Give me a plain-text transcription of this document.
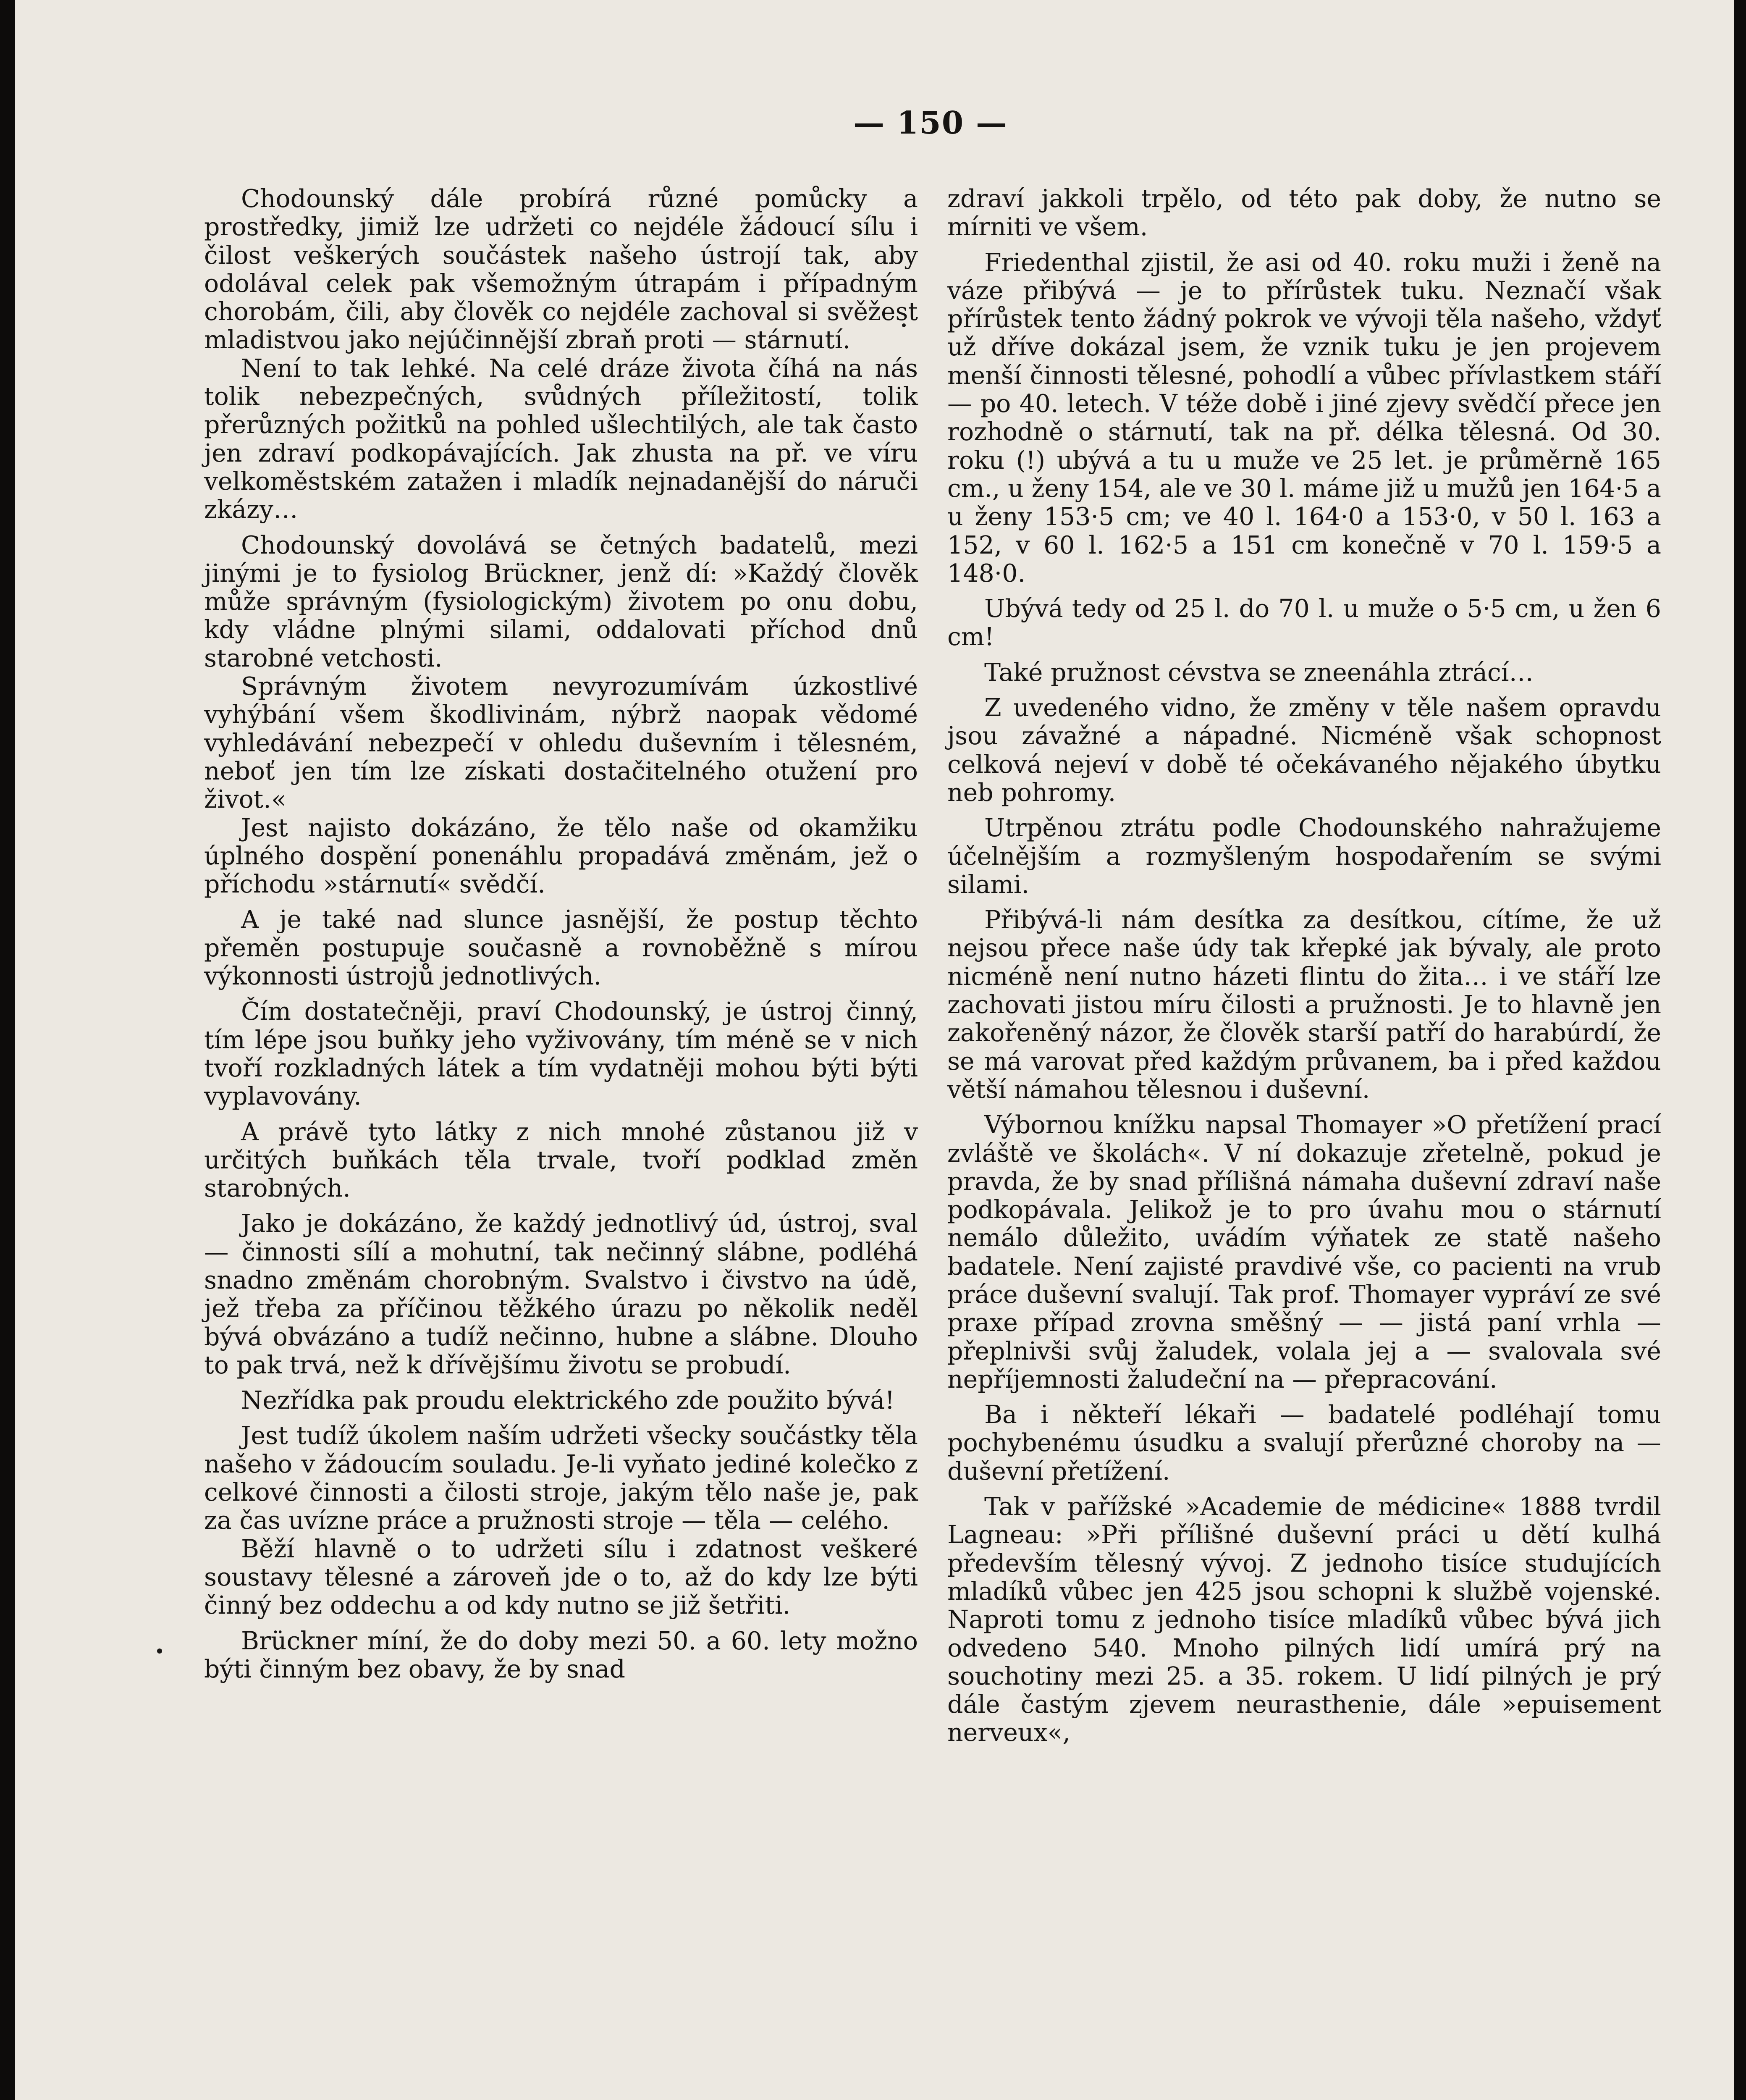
— 150 —

Chodounský dále probírá různé pomůcky a prostředky, jimiž lze udržeti co nejdéle žádoucí sílu i čilost veškerých součástek našeho ústrojí tak, aby odolával celek pak všemožným útrapám i případným chorobám, čili, aby člověk co nejdéle zachoval si svěžest mladistvou jako nejúčinnější zbraň proti — stárnutí.

Není to tak lehké. Na celé dráze života číhá na nás tolik nebezpečných, svůdných příležitostí, tolik přerůzných požitků na pohled ušlechtilých, ale tak často jen zdraví podkopávajících. Jak zhusta na př. ve víru velkoměstském zatažen i mladík nejnadanější do náruči zkázy…

Chodounský dovolává se četných badatelů, mezi jinými je to fysiolog Brückner, jenž dí: »Každý člověk může správným (fysiologickým) životem po onu dobu, kdy vládne plnými silami, oddalovati příchod dnů starobné vetchosti.

Správným životem nevyrozumívám úzkostlivé vyhýbání všem škodlivinám, nýbrž naopak vědomé vyhledávání nebezpečí v ohledu duševním i tělesném, neboť jen tím lze získati dostačitelného otužení pro život.«

Jest najisto dokázáno, že tělo naše od okamžiku úplného dospění ponenáhlu propadává změnám, jež o příchodu »stárnutí« svědčí.

A je také nad slunce jasnější, že postup těchto přeměn postupuje současně a rovnoběžně s mírou výkonnosti ústrojů jednotlivých.

Čím dostatečněji, praví Chodounský, je ústroj činný, tím lépe jsou buňky jeho vyživovány, tím méně se v nich tvoří rozkladných látek a tím vydatněji mohou býti býti vyplavovány.

A právě tyto látky z nich mnohé zůstanou již v určitých buňkách těla trvale, tvoří podklad změn starobných.

Jako je dokázáno, že každý jednotlivý úd, ústroj, sval — činnosti sílí a mohutní, tak nečinný slábne, podléhá snadno změnám chorobným. Svalstvo i čivstvo na údě, jež třeba za příčinou těžkého úrazu po několik neděl bývá obvázáno a tudíž nečinno, hubne a slábne. Dlouho to pak trvá, než k dřívějšímu životu se probudí.

Nezřídka pak proudu elektrického zde použito bývá!

Jest tudíž úkolem naším udržeti všecky součástky těla našeho v žádoucím souladu. Je-li vyňato jediné kolečko z celkové činnosti a čilosti stroje, jakým tělo naše je, pak za čas uvízne práce a pružnosti stroje — těla — celého.

Běží hlavně o to udržeti sílu i zdatnost veškeré soustavy tělesné a zároveň jde o to, až do kdy lze býti činný bez oddechu a od kdy nutno se již šetřiti.

Brückner míní, že do doby mezi 50. a 60. lety možno býti činným bez obavy, že by snad

zdraví jakkoli trpělo, od této pak doby, že nutno se mírniti ve všem.

Friedenthal zjistil, že asi od 40. roku muži i ženě na váze přibývá — je to přírůstek tuku. Neznačí však přírůstek tento žádný pokrok ve vývoji těla našeho, vždyť už dříve dokázal jsem, že vznik tuku je jen projevem menší činnosti tělesné, pohodlí a vůbec přívlastkem stáří — po 40. letech. V téže době i jiné zjevy svědčí přece jen rozhodně o stárnutí, tak na př. délka tělesná. Od 30. roku (!) ubývá a tu u muže ve 25 let. je průměrně 165 cm., u ženy 154, ale ve 30 l. máme již u mužů jen 164·5 a u ženy 153·5 cm; ve 40 l. 164·0 a 153·0, v 50 l. 163 a 152, v 60 l. 162·5 a 151 cm konečně v 70 l. 159·5 a 148·0.

Ubývá tedy od 25 l. do 70 l. u muže o 5·5 cm, u žen 6 cm!

Také pružnost cévstva se zneenáhla ztrácí…

Z uvedeného vidno, že změny v těle našem opravdu jsou závažné a nápadné. Nicméně však schopnost celková nejeví v době té očekávaného nějakého úbytku neb pohromy.

Utrpěnou ztrátu podle Chodounského nahražujeme účelnějším a rozmyšleným hospodařením se svými silami.

Přibývá-li nám desítka za desítkou, cítíme, že už nejsou přece naše údy tak křepké jak bývaly, ale proto nicméně není nutno házeti flintu do žita… i ve stáří lze zachovati jistou míru čilosti a pružnosti. Je to hlavně jen zakořeněný názor, že člověk starší patří do harabúrdí, že se má varovat před každým průvanem, ba i před každou větší námahou tělesnou i duševní.

Výbornou knížku napsal Thomayer »O přetížení prací zvláště ve školách«. V ní dokazuje zřetelně, pokud je pravda, že by snad přílišná námaha duševní zdraví naše podkopávala. Jelikož je to pro úvahu mou o stárnutí nemálo důležito, uvádím výňatek ze statě našeho badatele. Není zajisté pravdivé vše, co pacienti na vrub práce duševní svalují. Tak prof. Thomayer vypráví ze své praxe případ zrovna směšný — — jistá paní vrhla — přeplnivši svůj žaludek, volala jej a — svalovala své nepříjemnosti žaludeční na — přepracování.

Ba i někteří lékaři — badatelé podléhají tomu pochybenému úsudku a svalují přerůzné choroby na — duševní přetížení.

Tak v pařížské »Academie de médicine« 1888 tvrdil Lagneau: »Při přílišné duševní práci u dětí kulhá především tělesný vývoj. Z jednoho tisíce studujících mladíků vůbec jen 425 jsou schopni k službě vojenské. Naproti tomu z jednoho tisíce mladíků vůbec bývá jich odvedeno 540. Mnoho pilných lidí umírá prý na souchotiny mezi 25. a 35. rokem. U lidí pilných je prý dále častým zjevem neurasthenie, dále »epuisement nerveux«,
